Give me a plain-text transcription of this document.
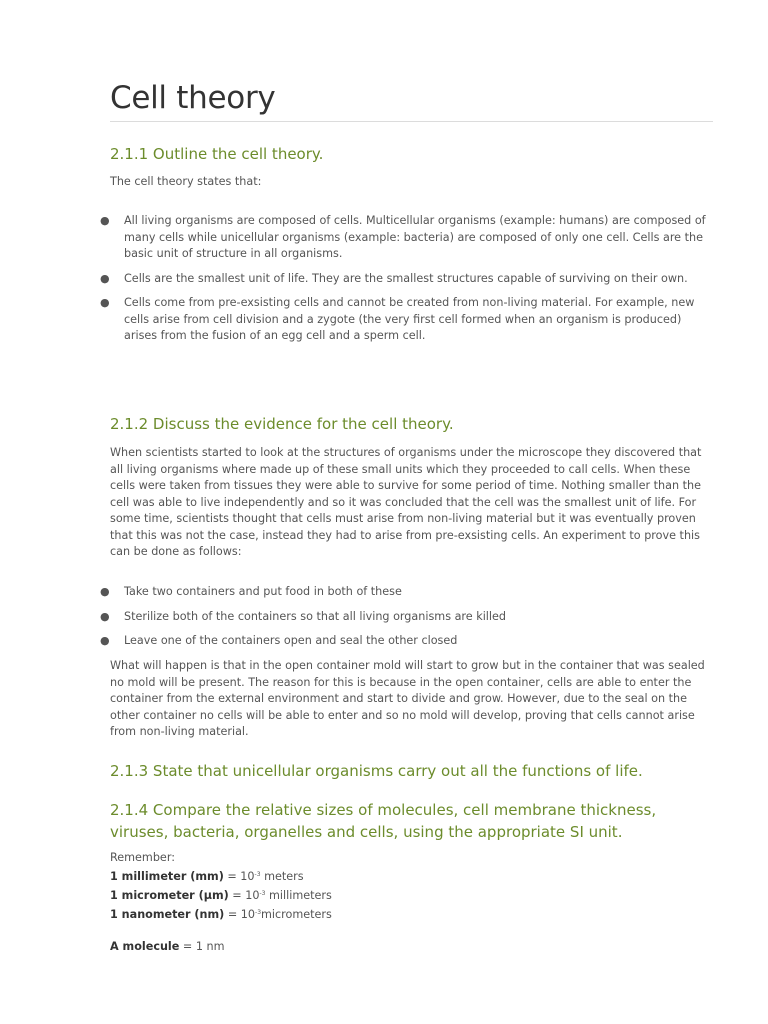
Cell theory
2.1.1 Outline the cell theory.

The cell theory states that:

● All living organisms are composed of cells. Multicellular organisms (example: humans) are composed of many cells while unicellular organisms (example: bacteria) are composed of only one cell. Cells are the basic unit of structure in all organisms.
● Cells are the smallest unit of life. They are the smallest structures capable of surviving on their own.
● Cells come from pre-exsisting cells and cannot be created from non-living material. For example, new cells arise from cell division and a zygote (the very first cell formed when an organism is produced) arises from the fusion of an egg cell and a sperm cell.
2.1.2 Discuss the evidence for the cell theory.

When scientists started to look at the structures of organisms under the microscope they discovered that all living organisms where made up of these small units which they proceeded to call cells. When these cells were taken from tissues they were able to survive for some period of time. Nothing smaller than the cell was able to live independently and so it was concluded that the cell was the smallest unit of life. For some time, scientists thought that cells must arise from non-living material but it was eventually proven that this was not the case, instead they had to arise from pre-exsisting cells. An experiment to prove this can be done as follows:

● Take two containers and put food in both of these
● Sterilize both of the containers so that all living organisms are killed
● Leave one of the containers open and seal the other closed

What will happen is that in the open container mold will start to grow but in the container that was sealed no mold will be present. The reason for this is because in the open container, cells are able to enter the container from the external environment and start to divide and grow. However, due to the seal on the other container no cells will be able to enter and so no mold will develop, proving that cells cannot arise from non-living material.

2.1.3 State that unicellular organisms carry out all the functions of life.
2.1.4 Compare the relative sizes of molecules, cell membrane thickness, viruses, bacteria, organelles and cells, using the appropriate SI unit.
Remember:
1 millimeter $(mm) = 10^{-3}$ meters
1 micrometer $(\mu m) = 10^{-3}$ millimeters
1 nanometer $(nm) = 10^{-3}micrometers$
A molecule = 1 nm
